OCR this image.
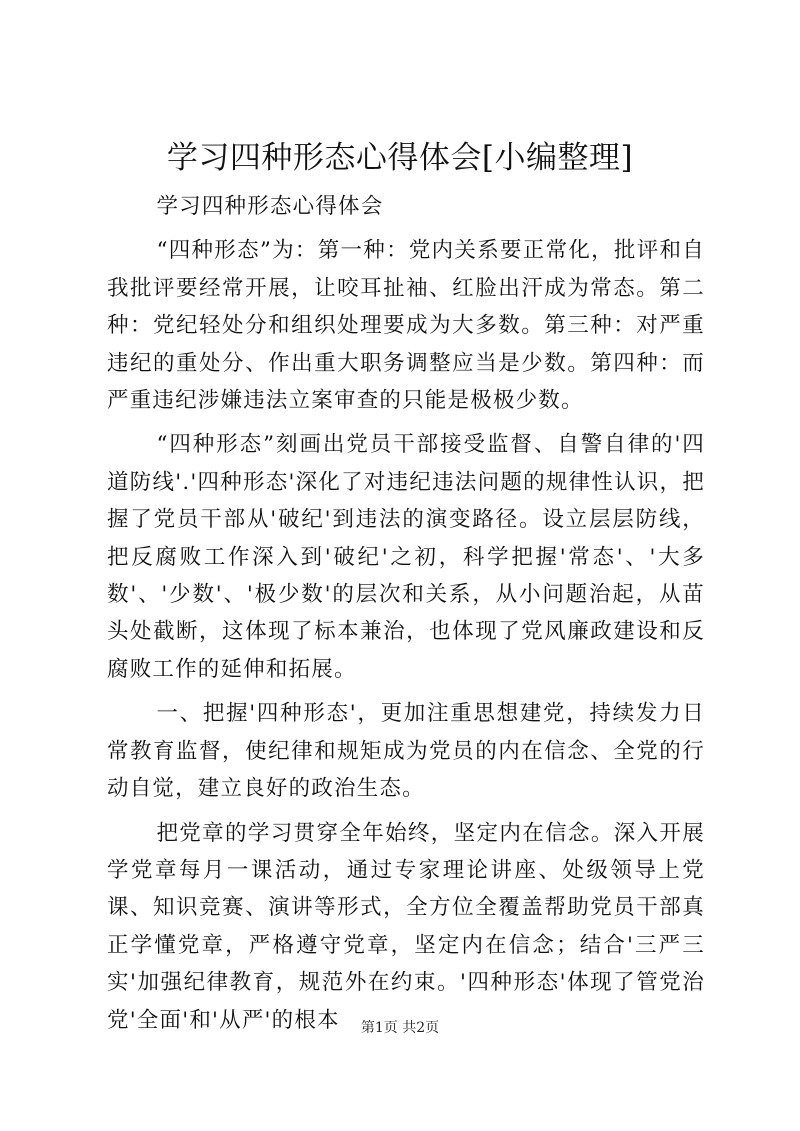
学习四种形态心得体会[小编整理]

学习四种形态心得体会

“四种形态”为：第一种：党内关系要正常化，批评和自我批评要经常开展，让咬耳扯袖、红脸出汗成为常态。第二种：党纪轻处分和组织处理要成为大多数。第三种：对严重违纪的重处分、作出重大职务调整应当是少数。第四种：而严重违纪涉嫌违法立案审查的只能是极极少数。

“四种形态”刻画出党员干部接受监督、自警自律的'四道防线'.'四种形态'深化了对违纪违法问题的规律性认识，把握了党员干部从'破纪'到违法的演变路径。设立层层防线，把反腐败工作深入到'破纪'之初，科学把握'常态'、'大多数'、'少数'、'极少数'的层次和关系，从小问题治起，从苗头处截断，这体现了标本兼治，也体现了党风廉政建设和反腐败工作的延伸和拓展。

一、把握'四种形态'，更加注重思想建党，持续发力日常教育监督，使纪律和规矩成为党员的内在信念、全党的行动自觉，建立良好的政治生态。

把党章的学习贯穿全年始终，坚定内在信念。深入开展学党章每月一课活动，通过专家理论讲座、处级领导上党课、知识竞赛、演讲等形式，全方位全覆盖帮助党员干部真正学懂党章，严格遵守党章，坚定内在信念；结合'三严三实'加强纪律教育，规范外在约束。'四种形态'体现了管党治党'全面'和'从严'的根本	第1页 共2页
